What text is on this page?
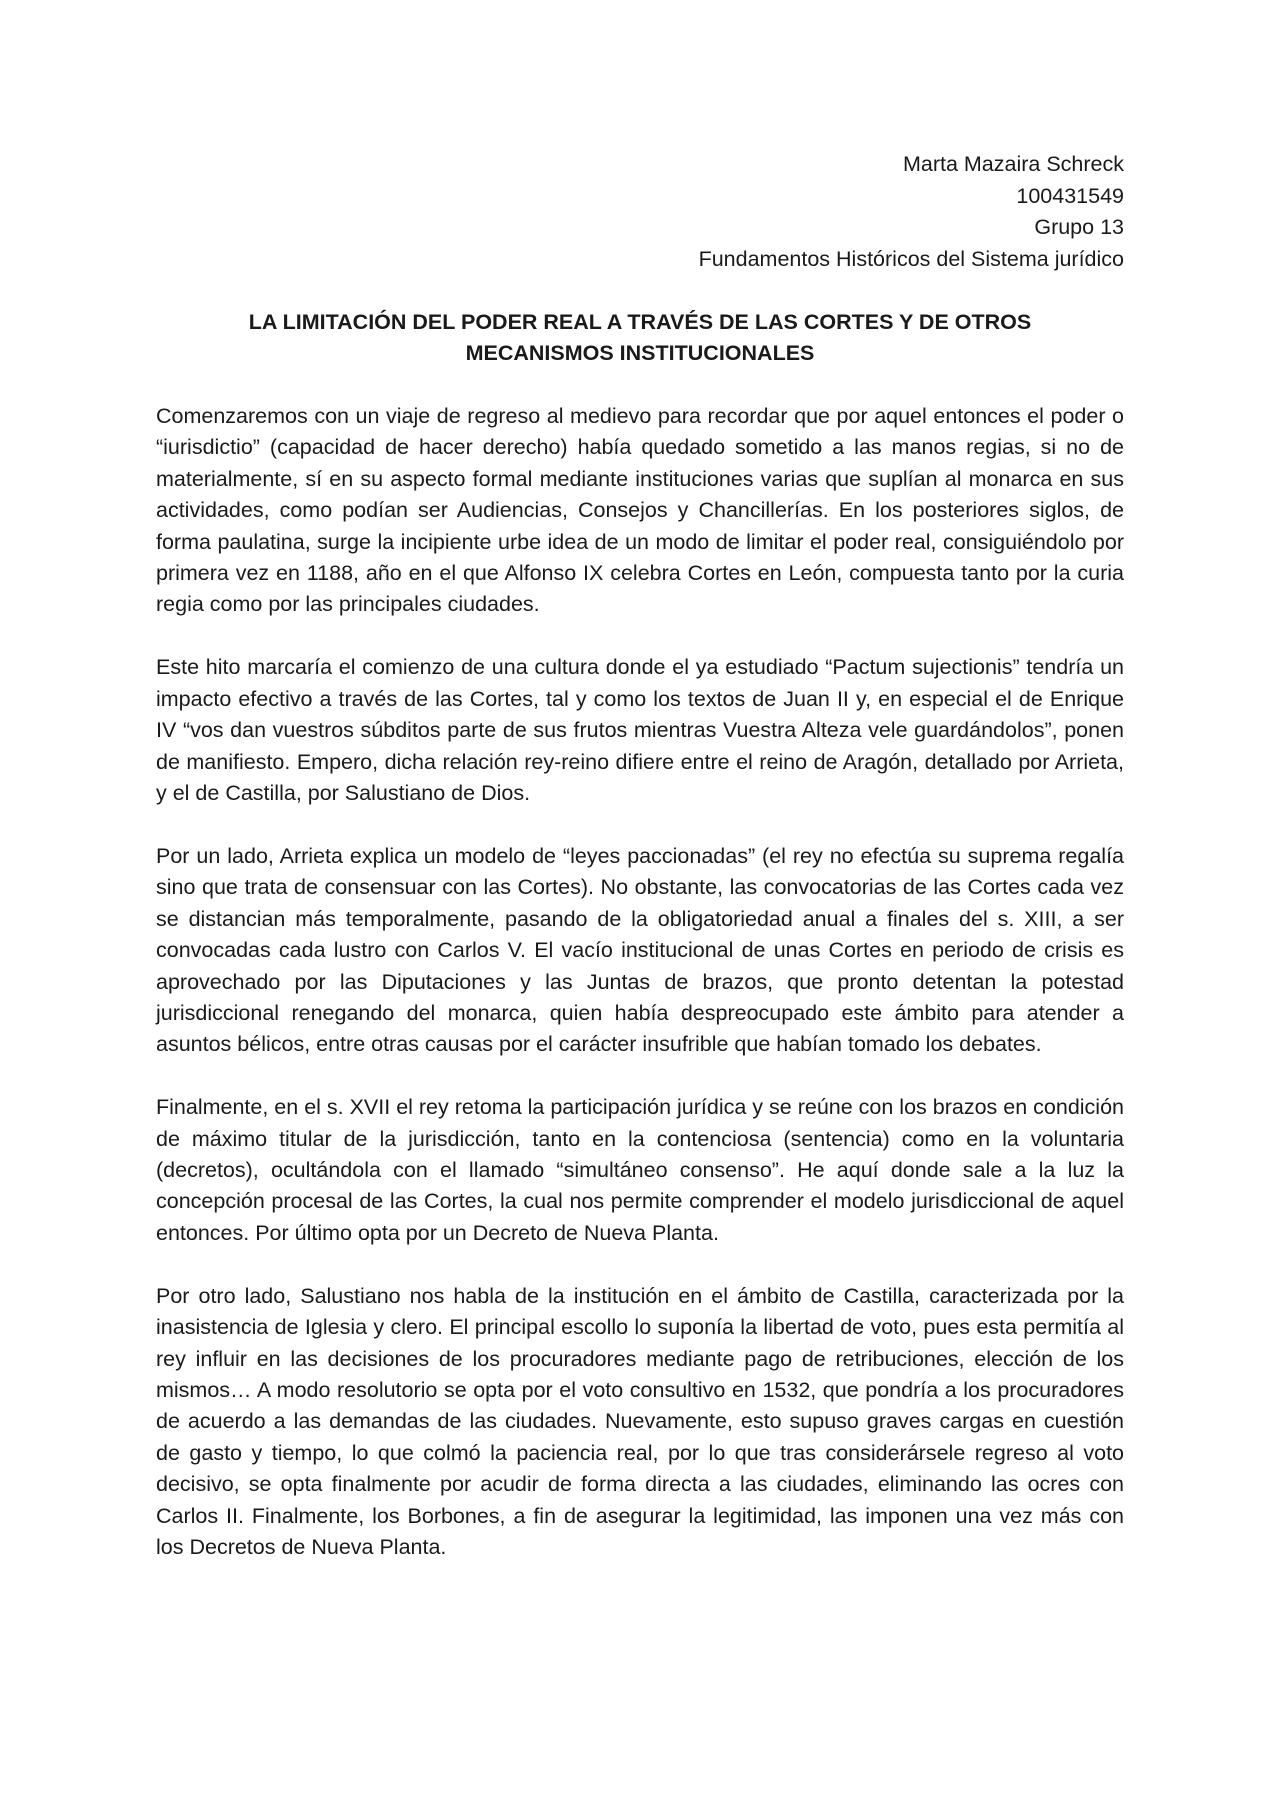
Marta Mazaira Schreck
100431549
Grupo 13
Fundamentos Históricos del Sistema jurídico
LA LIMITACIÓN DEL PODER REAL A TRAVÉS DE LAS CORTES Y DE OTROS
MECANISMOS INSTITUCIONALES

Comenzaremos con un viaje de regreso al medievo para recordar que por aquel entonces el poder o “iurisdictio” (capacidad de hacer derecho) había quedado sometido a las manos regias, si no de materialmente, sí en su aspecto formal mediante instituciones varias que suplían al monarca en sus actividades, como podían ser Audiencias, Consejos y Chancillerías. En los posteriores siglos, de forma paulatina, surge la incipiente urbe idea de un modo de limitar el poder real, consiguiéndolo por primera vez en 1188, año en el que Alfonso IX celebra Cortes en León, compuesta tanto por la curia regia como por las principales ciudades.

Este hito marcaría el comienzo de una cultura donde el ya estudiado “Pactum sujectionis” tendría un impacto efectivo a través de las Cortes, tal y como los textos de Juan II y, en especial el de Enrique IV “vos dan vuestros súbditos parte de sus frutos mientras Vuestra Alteza vele guardándolos”, ponen de manifiesto. Empero, dicha relación rey-reino difiere entre el reino de Aragón, detallado por Arrieta, y el de Castilla, por Salustiano de Dios.

Por un lado, Arrieta explica un modelo de “leyes paccionadas” (el rey no efectúa su suprema regalía sino que trata de consensuar con las Cortes). No obstante, las convocatorias de las Cortes cada vez se distancian más temporalmente, pasando de la obligatoriedad anual a finales del s. XIII, a ser convocadas cada lustro con Carlos V. El vacío institucional de unas Cortes en periodo de crisis es aprovechado por las Diputaciones y las Juntas de brazos, que pronto detentan la potestad jurisdiccional renegando del monarca, quien había despreocupado este ámbito para atender a asuntos bélicos, entre otras causas por el carácter insufrible que habían tomado los debates.

Finalmente, en el s. XVII el rey retoma la participación jurídica y se reúne con los brazos en condición de máximo titular de la jurisdicción, tanto en la contenciosa (sentencia) como en la voluntaria (decretos), ocultándola con el llamado “simultáneo consenso”. He aquí donde sale a la luz la concepción procesal de las Cortes, la cual nos permite comprender el modelo jurisdiccional de aquel entonces. Por último opta por un Decreto de Nueva Planta.

Por otro lado, Salustiano nos habla de la institución en el ámbito de Castilla, caracterizada por la inasistencia de Iglesia y clero. El principal escollo lo suponía la libertad de voto, pues esta permitía al rey influir en las decisiones de los procuradores mediante pago de retribuciones, elección de los mismos… A modo resolutorio se opta por el voto consultivo en 1532, que pondría a los procuradores de acuerdo a las demandas de las ciudades. Nuevamente, esto supuso graves cargas en cuestión de gasto y tiempo, lo que colmó la paciencia real, por lo que tras considerársele regreso al voto decisivo, se opta finalmente por acudir de forma directa a las ciudades, eliminando las ocres con Carlos II. Finalmente, los Borbones, a fin de asegurar la legitimidad, las imponen una vez más con los Decretos de Nueva Planta.
